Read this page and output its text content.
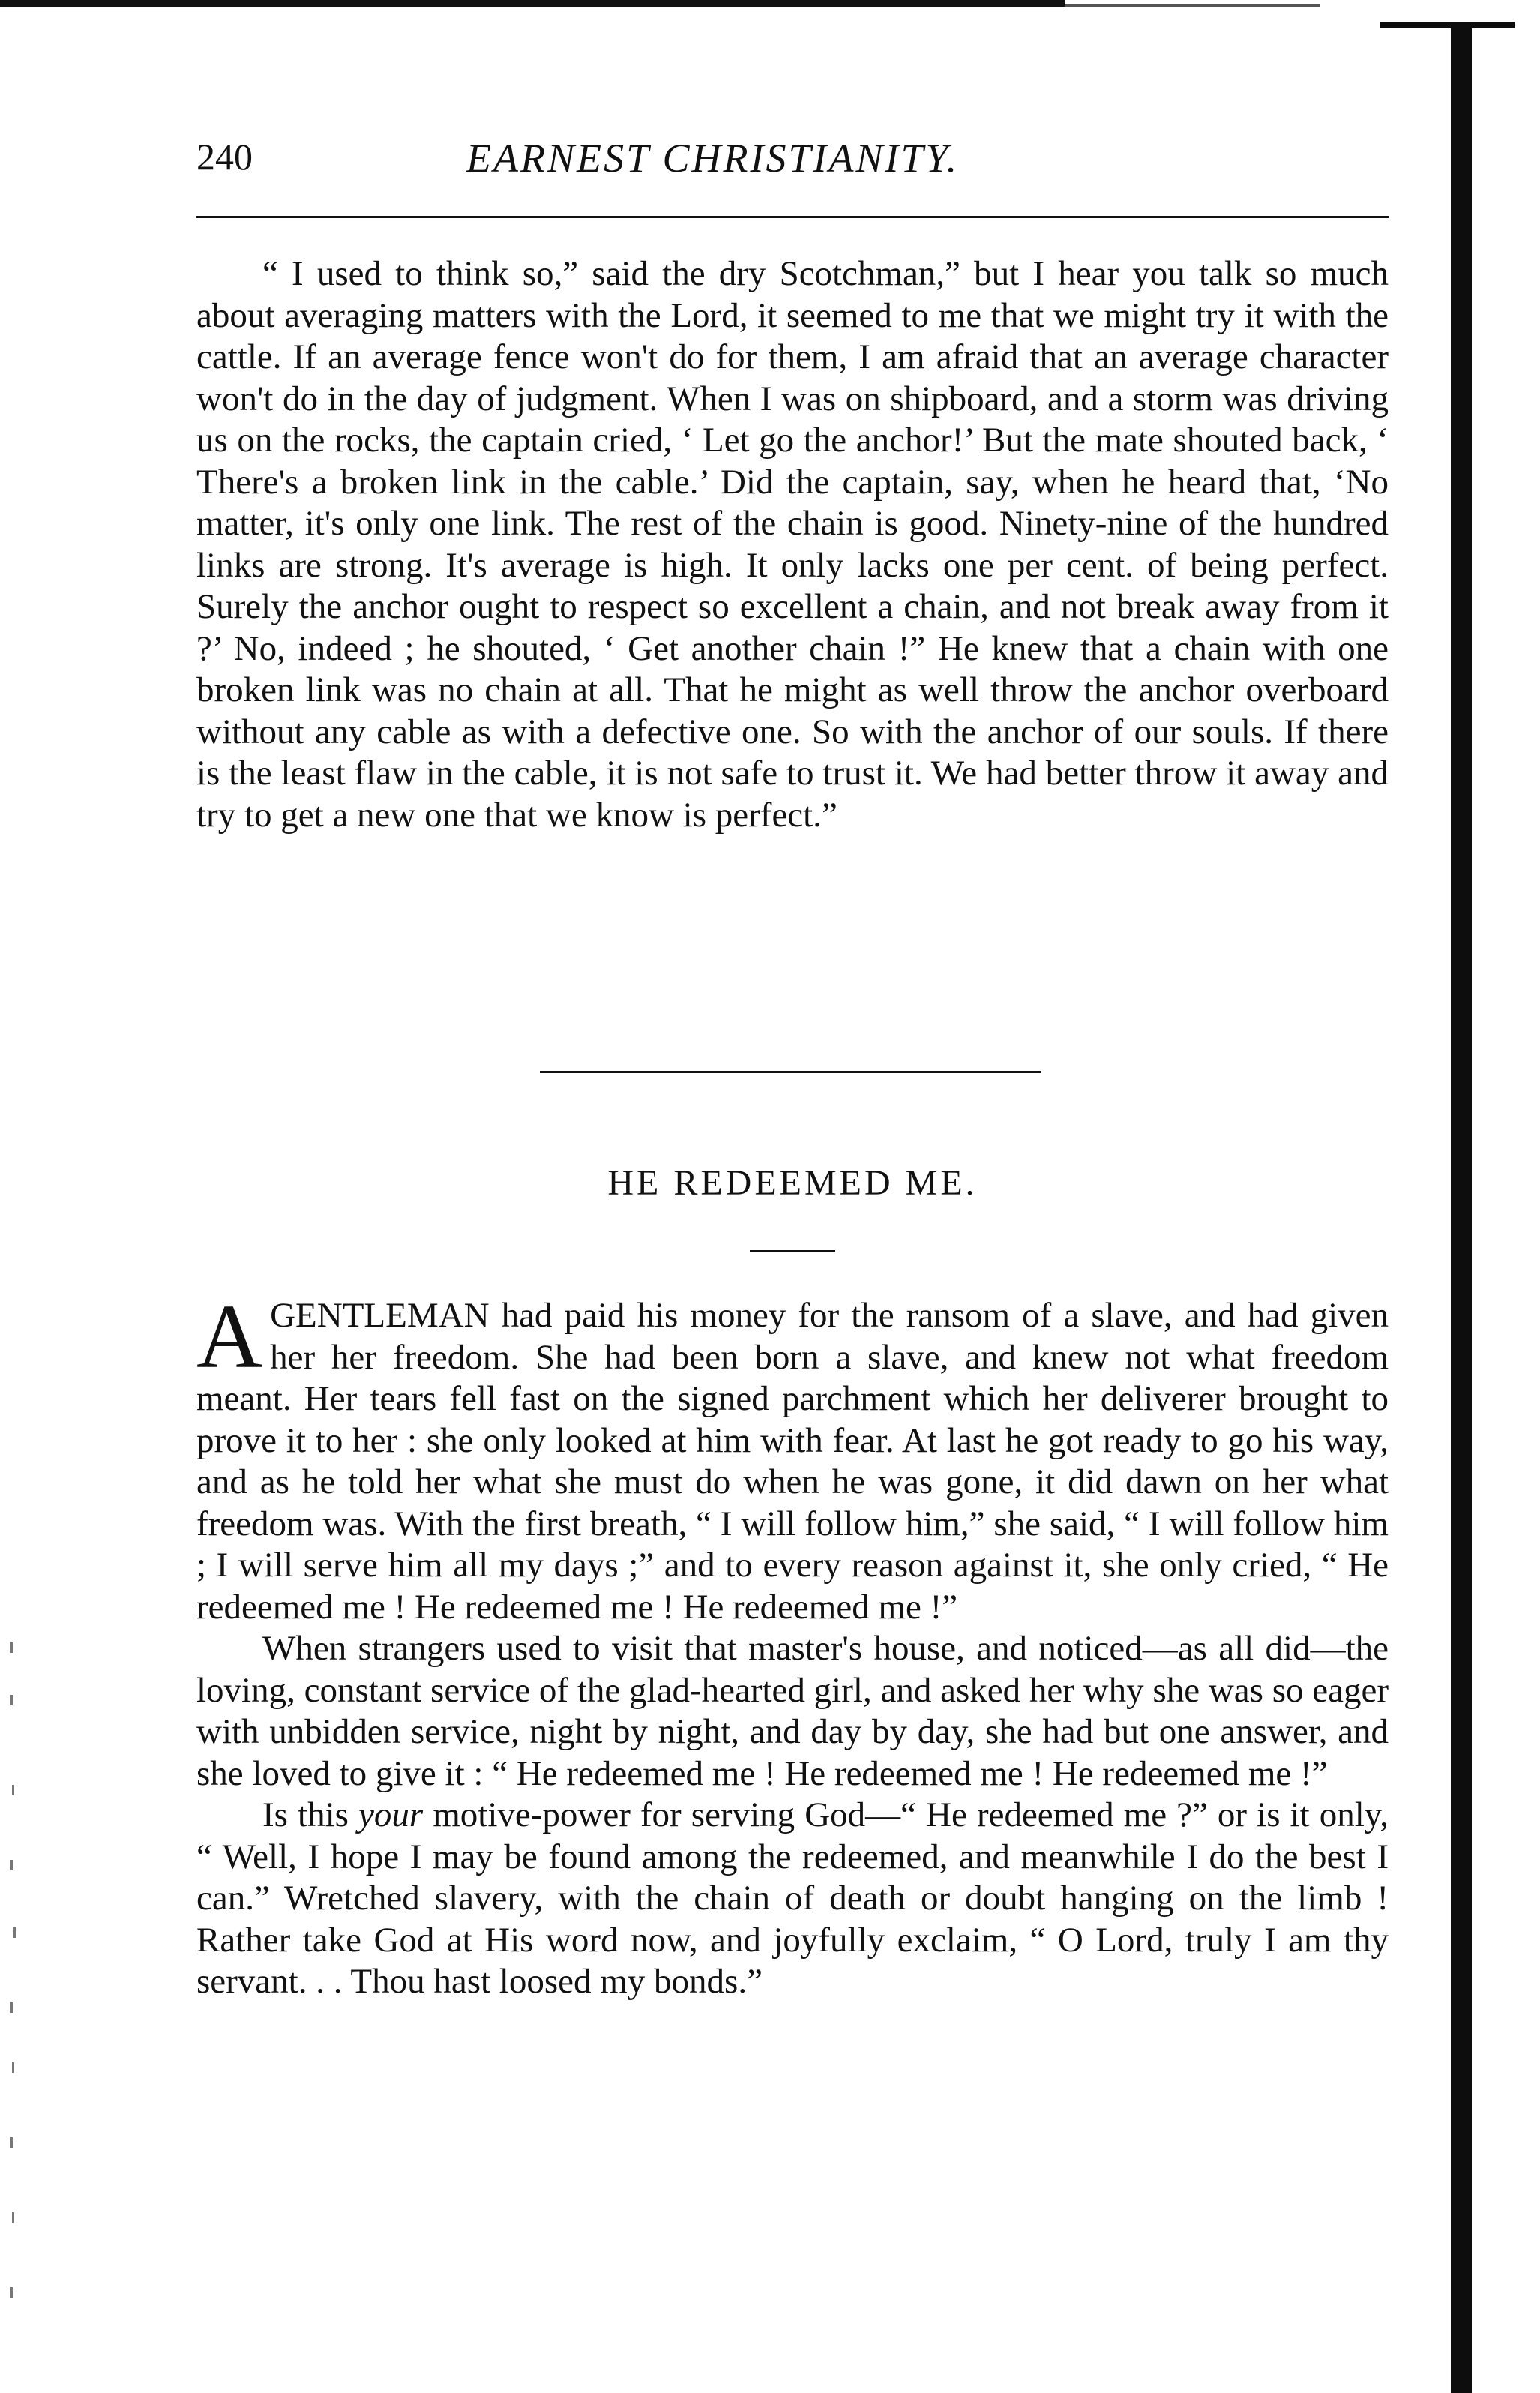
240	EARNEST CHRISTIANITY.

“ I used to think so,” said the dry Scotchman,” but I hear you talk so much about averaging matters with the Lord, it seemed to me that we might try it with the cattle. If an average fence won't do for them, I am afraid that an average character won't do in the day of judgment. When I was on shipboard, and a storm was driving us on the rocks, the captain cried, ‘ Let go the anchor!’ But the mate shouted back, ‘ There's a broken link in the cable.’ Did the captain, say, when he heard that, ‘No matter, it's only one link. The rest of the chain is good. Ninety-nine of the hundred links are strong. It's average is high. It only lacks one per cent. of being perfect. Surely the anchor ought to respect so excellent a chain, and not break away from it ?’ No, indeed ; he shouted, ‘ Get another chain !” He knew that a chain with one broken link was no chain at all. That he might as well throw the anchor overboard without any cable as with a defective one. So with the anchor of our souls. If there is the least flaw in the cable, it is not safe to trust it. We had better throw it away and try to get a new one that we know is perfect.”

HE REDEEMED ME.

AGENTLEMAN had paid his money for the ransom of a slave, and had given her her freedom. She had been born a slave, and knew not what freedom meant. Her tears fell fast on the signed parchment which her deliverer brought to prove it to her : she only looked at him with fear. At last he got ready to go his way, and as he told her what she must do when he was gone, it did dawn on her what freedom was. With the first breath, “ I will follow him,” she said, “ I will follow him ; I will serve him all my days ;” and to every reason against it, she only cried, “ He redeemed me ! He redeemed me ! He redeemed me !”

When strangers used to visit that master's house, and noticed—as all did—the loving, constant service of the glad-hearted girl, and asked her why she was so eager with unbidden service, night by night, and day by day, she had but one answer, and she loved to give it : “ He redeemed me ! He redeemed me ! He redeemed me !”

Is this your motive-power for serving God—“ He redeemed me ?” or is it only, “ Well, I hope I may be found among the redeemed, and meanwhile I do the best I can.” Wretched slavery, with the chain of death or doubt hanging on the limb ! Rather take God at His word now, and joyfully exclaim, “ O Lord, truly I am thy servant. . . Thou hast loosed my bonds.”
